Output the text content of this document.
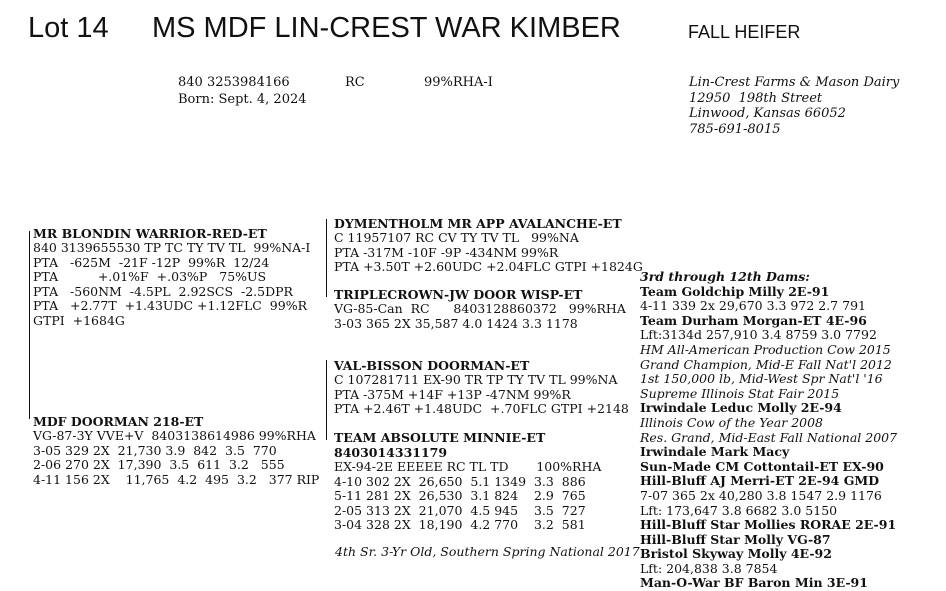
Lot 14 MS MDF LIN-CREST WAR KIMBER	FALL HEIFER
840 3253984166	RC	99%RHA-I
Born: Sept. 4, 2024
Lin-Crest Farms & Mason Dairy
12950  198th Street
Linwood, Kansas 66052
785-691-8015
MR BLONDIN WARRIOR-RED-ET
840 3139655530 TP TC TY TV TL  99%NA-I
PTA   -625M  -21F -12P  99%R  12/24
PTA          +.01%F  +.03%P   75%US
PTA   -560NM  -4.5PL  2.92SCS  -2.5DPR
PTA   +2.77T  +1.43UDC +1.12FLC  99%R
GTPI  +1684G
DYMENTHOLM MR APP AVALANCHE-ET
C 11957107 RC CV TY TV TL   99%NA
PTA -317M -10F -9P -434NM 99%R
PTA +3.50T +2.60UDC +2.04FLC GTPI +1824G
TRIPLECROWN-JW DOOR WISP-ET
VG-85-Can  RC      8403128860372   99%RHA
3-03 365 2X 35,587 4.0 1424 3.3 1178
MDF DOORMAN 218-ET
VG-87-3Y VVE+V  8403138614986 99%RHA
3-05 329 2X  21,730 3.9  842  3.5  770
2-06 270 2X  17,390  3.5  611  3.2   555
4-11 156 2X    11,765  4.2  495  3.2   377 RIP
VAL-BISSON DOORMAN-ET
C 107281711 EX-90 TR TP TY TV TL 99%NA
PTA -375M +14F +13P -47NM 99%R
PTA +2.46T +1.48UDC  +.70FLC GTPI +2148
TEAM ABSOLUTE MINNIE-ET
8403014331179
EX-94-2E EEEEE RC TL TD       100%RHA
4-10 302 2X  26,650  5.1 1349  3.3  886
5-11 281 2X  26,530  3.1 824    2.9  765
2-05 313 2X  21,070  4.5 945    3.5  727
3-04 328 2X  18,190  4.2 770    3.2  581
4th Sr. 3-Yr Old, Southern Spring National 2017
3rd through 12th Dams:
Team Goldchip Milly 2E-91
4-11 339 2x 29,670 3.3 972 2.7 791
Team Durham Morgan-ET 4E-96
Lft:3134d 257,910 3.4 8759 3.0 7792
HM All-American Production Cow 2015
Grand Champion, Mid-E Fall Nat'l 2012
1st 150,000 lb, Mid-West Spr Nat'l '16
Supreme Illinois Stat Fair 2015
Irwindale Leduc Molly 2E-94
Illinois Cow of the Year 2008
Res. Grand, Mid-East Fall National 2007
Irwindale Mark Macy
Sun-Made CM Cottontail-ET EX-90
Hill-Bluff AJ Merri-ET 2E-94 GMD
7-07 365 2x 40,280 3.8 1547 2.9 1176
Lft: 173,647 3.8 6682 3.0 5150
Hill-Bluff Star Mollies RORAE 2E-91
Hill-Bluff Star Molly VG-87
Bristol Skyway Molly 4E-92
Lft: 204,838 3.8 7854
Man-O-War BF Baron Min 3E-91
